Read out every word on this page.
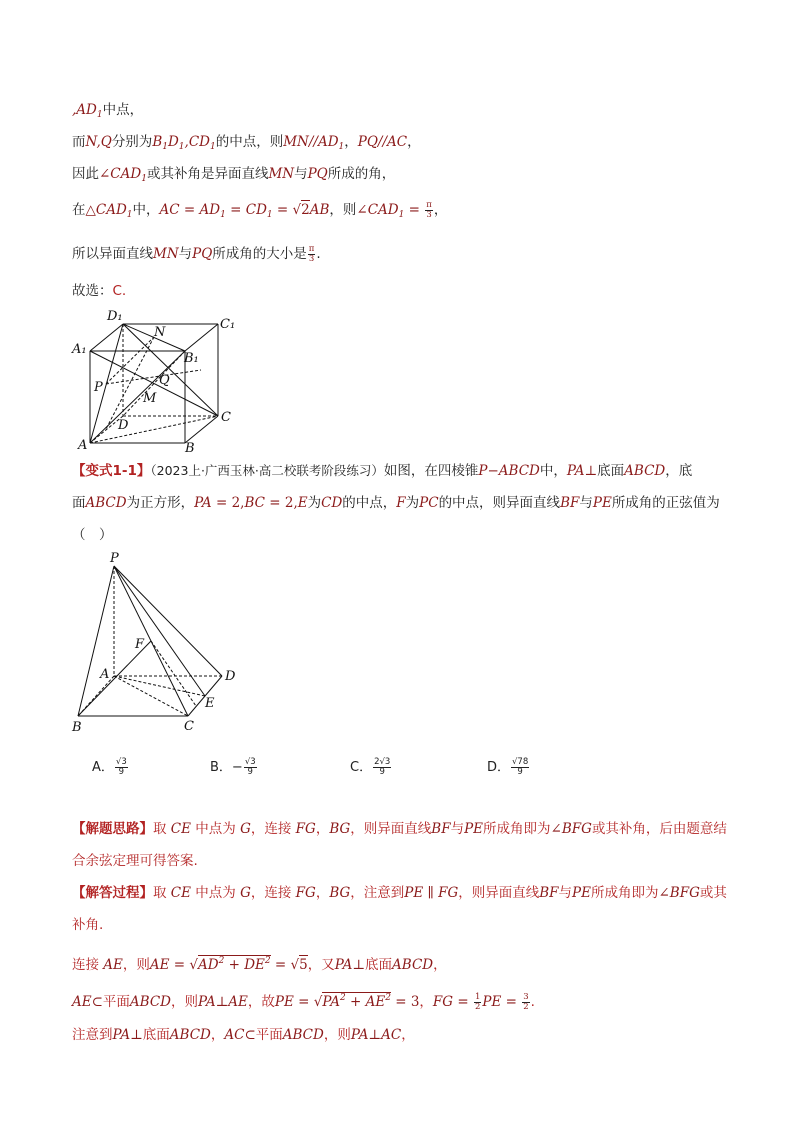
$,AD_1$中点，
而N,Q分别为$B_1D_1,CD_1$的中点，则$MN//AD_1$，PQ//AC，
因此$\angle CAD_1$或其补角是异面直线MN与PQ所成的角，
在$\triangle CAD_1$中，AC = $AD_1 = CD_1 = √2AB$，则$\angle CAD_1 = \frac{\pi}{3}$ ，
所以异面直线MN与PQ所成角的大小是 $\frac{\pi}{3}$ .
故选：C.
D₁
C₁
A₁
B₁
N
Q
P
M
D
C
A	B
【变式1-1】（2023上·广西玉林·高二校联考阶段练习）如图，在四棱锥P−ABCD中，PA⊥底面ABCD，底
面ABCD为正方形，PA = 2,BC = 2,E为CD的中点，F为PC的中点，则异面直线BF与PE所成角的正弦值为
（　）
P
F
A	D
E
B	C
A． $\frac{√3}{9}$	B．− $\frac{√3}{9}$	C． $\frac{2√3}{9}$	D． $\frac{√78}{9}$
【解题思路】取 CE 中点为 G，连接 FG，BG，则异面直线BF与PE所成角即为∠BFG或其补角，后由题意结
合余弦定理可得答案.
【解答过程】取 CE 中点为 G，连接 FG，BG，注意到PE ∥ FG，则异面直线BF与PE所成角即为∠BFG或其
补角.
连接 AE，则AE = $√AD^2 + DE^2 = √5$，又PA⊥底面ABCD，
AE⊂平面ABCD，则PA⊥AE，故PE = $√PA^2 + AE^2 = 3$，FG = $\frac{1}{2}$ PE = $\frac{3}{2}$ .
注意到PA⊥底面ABCD，AC⊂平面ABCD，则PA⊥AC，
